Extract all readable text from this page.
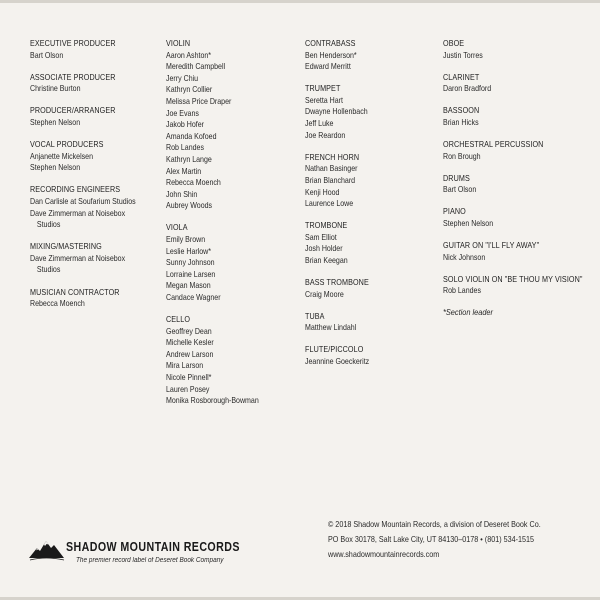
EXECUTIVE PRODUCER
Bart Olson
ASSOCIATE PRODUCER
Christine Burton
PRODUCER/ARRANGER
Stephen Nelson
VOCAL PRODUCERS
Anjanette Mickelsen
Stephen Nelson
RECORDING ENGINEERS
Dan Carlisle at Soufarium Studios
Dave Zimmerman at Noisebox
Studios
MIXING/MASTERING
Dave Zimmerman at Noisebox
Studios
MUSICIAN CONTRACTOR
Rebecca Moench
VIOLIN
Aaron Ashton*
Meredith Campbell
Jerry Chiu
Kathryn Collier
Melissa Price Draper
Joe Evans
Jakob Hofer
Amanda Kofoed
Rob Landes
Kathryn Lange
Alex Martin
Rebecca Moench
John Shin
Aubrey Woods
VIOLA
Emily Brown
Leslie Harlow*
Sunny Johnson
Lorraine Larsen
Megan Mason
Candace Wagner
CELLO
Geoffrey Dean
Michelle Kesler
Andrew Larson
Mira Larson
Nicole Pinnell*
Lauren Posey
Monika Rosborough-Bowman
CONTRABASS
Ben Henderson*
Edward Merritt
TRUMPET
Seretta Hart
Dwayne Hollenbach
Jeff Luke
Joe Reardon
FRENCH HORN
Nathan Basinger
Brian Blanchard
Kenji Hood
Laurence Lowe
TROMBONE
Sam Elliot
Josh Holder
Brian Keegan
BASS TROMBONE
Craig Moore
TUBA
Matthew Lindahl
FLUTE/PICCOLO
Jeannine Goeckeritz
OBOE
Justin Torres
CLARINET
Daron Bradford
BASSOON
Brian Hicks
ORCHESTRAL PERCUSSION
Ron Brough
DRUMS
Bart Olson
PIANO
Stephen Nelson
GUITAR ON "I'LL FLY AWAY"
Nick Johnson
SOLO VIOLIN ON "BE THOU MY VISION"
Rob Landes
*Section leader
SHADOW MOUNTAIN RECORDS
The premier record label of Deseret Book Company
© 2018 Shadow Mountain Records, a division of Deseret Book Co.
PO Box 30178, Salt Lake City, UT 84130–0178 • (801) 534-1515
www.shadowmountainrecords.com
